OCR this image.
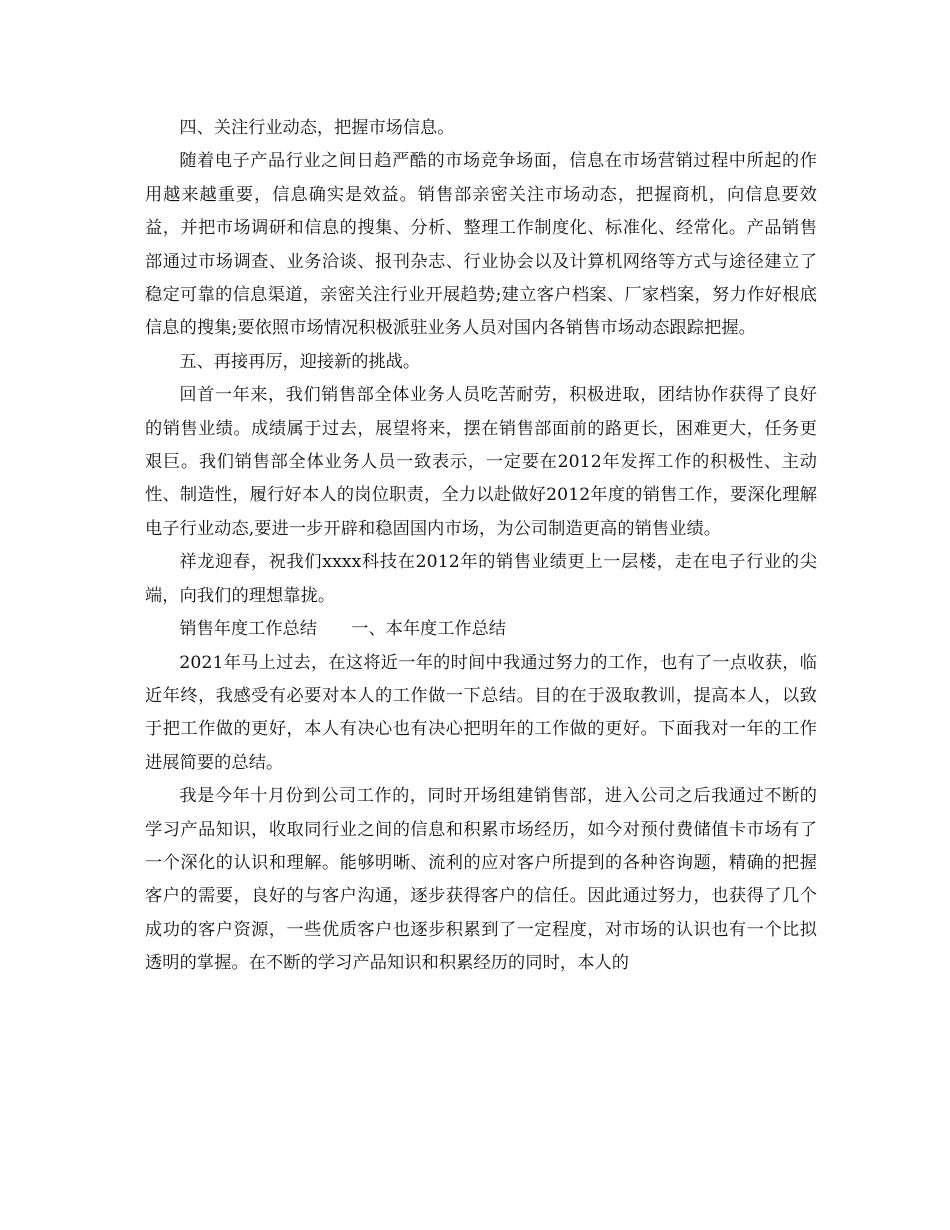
四、关注行业动态，把握市场信息。

随着电子产品行业之间日趋严酷的市场竞争场面，信息在市场营销过程中所起的作用越来越重要，信息确实是效益。销售部亲密关注市场动态，把握商机，向信息要效益，并把市场调研和信息的搜集、分析、整理工作制度化、标准化、经常化。产品销售部通过市场调查、业务洽谈、报刊杂志、行业协会以及计算机网络等方式与途径建立了稳定可靠的信息渠道，亲密关注行业开展趋势;建立客户档案、厂家档案，努力作好根底信息的搜集;要依照市场情况积极派驻业务人员对国内各销售市场动态跟踪把握。

五、再接再厉，迎接新的挑战。

回首一年来，我们销售部全体业务人员吃苦耐劳，积极进取，团结协作获得了良好的销售业绩。成绩属于过去，展望将来，摆在销售部面前的路更长，困难更大，任务更艰巨。我们销售部全体业务人员一致表示，一定要在2012年发挥工作的积极性、主动性、制造性，履行好本人的岗位职责，全力以赴做好2012年度的销售工作，要深化理解电子行业动态,要进一步开辟和稳固国内市场，为公司制造更高的销售业绩。

祥龙迎春，祝我们xxxx科技在2012年的销售业绩更上一层楼，走在电子行业的尖端，向我们的理想靠拢。

销售年度工作总结　　一、本年度工作总结

2021年马上过去，在这将近一年的时间中我通过努力的工作，也有了一点收获，临近年终，我感受有必要对本人的工作做一下总结。目的在于汲取教训，提高本人，以致于把工作做的更好，本人有决心也有决心把明年的工作做的更好。下面我对一年的工作进展简要的总结。

我是今年十月份到公司工作的，同时开场组建销售部，进入公司之后我通过不断的学习产品知识，收取同行业之间的信息和积累市场经历，如今对预付费储值卡市场有了一个深化的认识和理解。能够明晰、流利的应对客户所提到的各种咨询题，精确的把握客户的需要，良好的与客户沟通，逐步获得客户的信任。因此通过努力，也获得了几个成功的客户资源，一些优质客户也逐步积累到了一定程度，对市场的认识也有一个比拟透明的掌握。在不断的学习产品知识和积累经历的同时，本人的
